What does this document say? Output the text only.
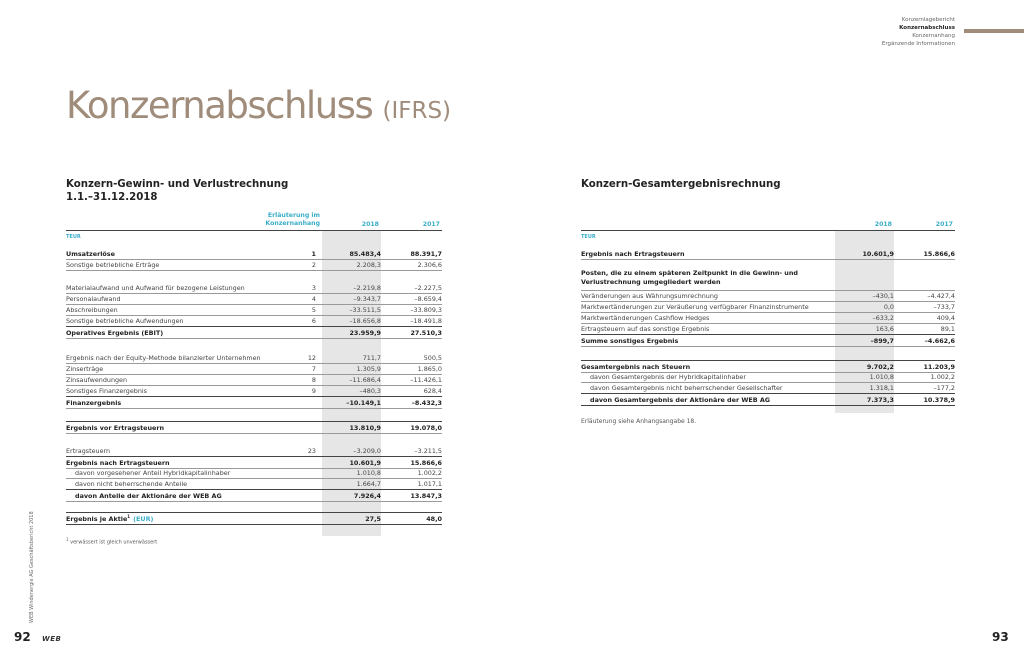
Konzernlagebericht
Konzernabschluss
Konzernanhang
Ergänzende Informationen
Konzernabschluss (IFRS)
Konzern-Gewinn- und Verlustrechnung
1.1.–31.12.2018
Erläuterung im Konzernanhang	2018	2017
TEUR
Umsatzerlöse	1	85.483,4	88.391,7
Sonstige betriebliche Erträge	2	2.208,3	2.306,6
Materialaufwand und Aufwand für bezogene Leistungen	3	–2.219,8	–2.227,5
Personalaufwand	4	–9.343,7	–8.659,4
Abschreibungen	5	–33.511,5	–33.809,3
Sonstige betriebliche Aufwendungen	6	–18.656,8	–18.491,8
Operatives Ergebnis (EBIT)	23.959,9	27.510,3
Ergebnis nach der Equity-Methode bilanzierter Unternehmen	12	711,7	500,5
Zinserträge	7	1.305,9	1.865,0
Zinsaufwendungen	8	–11.686,4	–11.426,1
Sonstiges Finanzergebnis	9	–480,3	628,4
Finanzergebnis	–10.149,1	–8.432,3
Ergebnis vor Ertragsteuern	13.810,9	19.078,0
Ertragsteuern	23	–3.209,0	–3.211,5
Ergebnis nach Ertragsteuern	10.601,9	15.866,6
davon vorgesehener Anteil Hybridkapitalinhaber	1.010,8	1.002,2
davon nicht beherrschende Anteile	1.664,7	1.017,1
davon Anteile der Aktionäre der WEB AG	7.926,4	13.847,3
Ergebnis je Aktie$^1$ (EUR)	27,5	48,0
Konzern-Gesamtergebnisrechnung
2018	2017
TEUR
Ergebnis nach Ertragsteuern	10.601,9	15.866,6
Posten, die zu einem späteren Zeitpunkt in die Gewinn- und Verlustrechnung umgegliedert werden
Veränderungen aus Währungsumrechnung	–430,1	–4.427,4
Marktwertänderungen zur Veräußerung verfügbarer Finanzinstrumente	0,0	–733,7
Marktwertänderungen Cashflow Hedges	–633,2	409,4
Ertragsteuern auf das sonstige Ergebnis	163,6	89,1
Summe sonstiges Ergebnis	–899,7	–4.662,6
Gesamtergebnis nach Steuern	9.702,2	11.203,9
davon Gesamtergebnis der Hybridkapitalinhaber	1.010,8	1.002,2
davon Gesamtergebnis nicht beherrschender Gesellschafter	1.318,1	–177,2
davon Gesamtergebnis der Aktionäre der WEB AG	7.373,3	10.378,9
Erläuterung siehe Anhangsangabe 18.
$^1$ verwässert ist gleich unverwässert
WEB Windenergie AG Geschäftsbericht 2018
92 WEB	93
